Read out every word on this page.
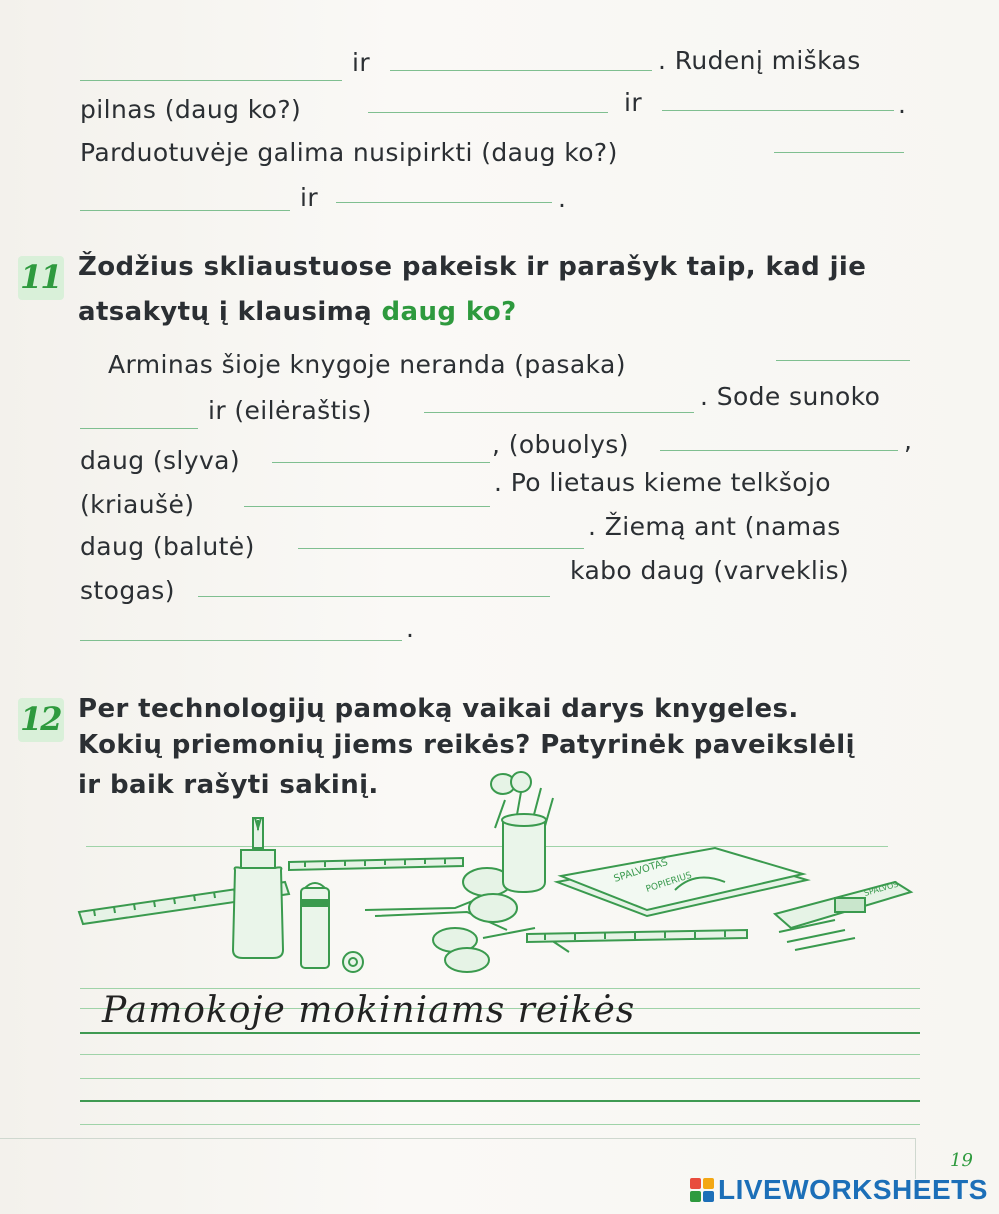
ir	. Rudenį miškas
pilnas (daug ko?)	ir	.
Parduotuvėje galima nusipirkti (daug ko?)
ir	.
11 Žodžius skliaustuose pakeisk ir parašyk taip, kad jie
atsakytų į klausimą daug ko?
Arminas šioje knygoje neranda (pasaka)
ir (eilėraštis)	. Sode sunoko
daug (slyva)
, (obuolys)	,
(kriaušė)
. Po lietaus kieme telkšojo
daug (balutė)
. Žiemą ant (namas
stogas)
kabo daug (varveklis)
.
12 Per technologijų pamoką vaikai darys knygeles.
Kokių priemonių jiems reikės? Patyrinėk paveikslėlį
ir baik rašyti sakinį.
Pamokoje mokiniams reikės
SPALVOTAS
POPIERIUS	SPALVOS
19
LIVEWORKSHEETS
